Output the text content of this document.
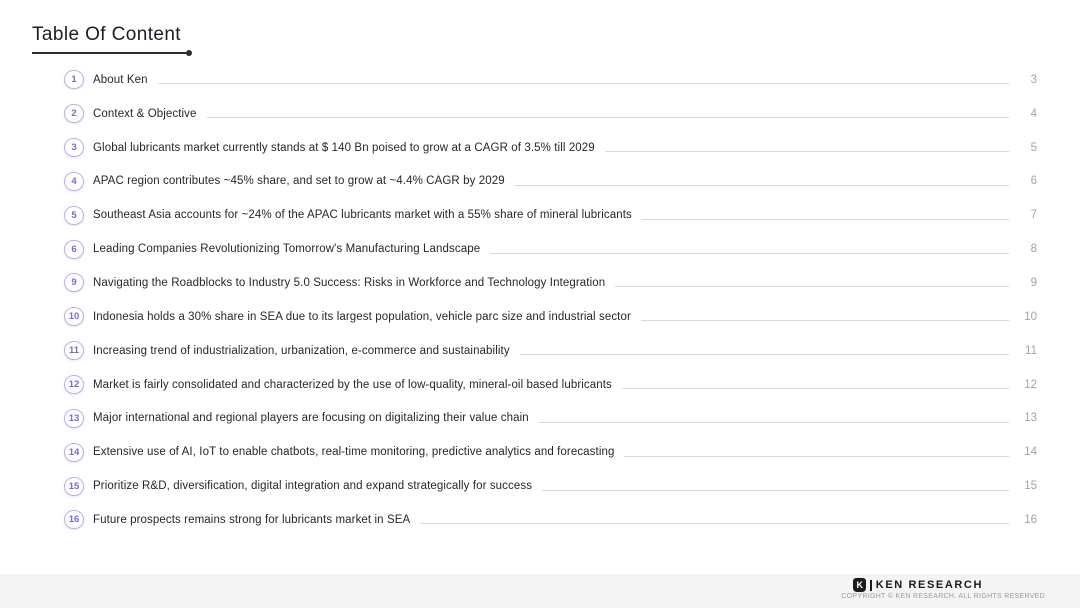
Table Of Content
1	About Ken	3
2	Context & Objective	4
3	Global lubricants market currently stands at $ 140 Bn poised to grow at a CAGR of 3.5% till 2029	5
4	APAC region contributes ~45% share, and set to grow at ~4.4% CAGR by 2029	6
5	Southeast Asia accounts for ~24% of the APAC lubricants market with a 55% share of mineral lubricants	7
6	Leading Companies Revolutionizing Tomorrow's Manufacturing Landscape	8
9	Navigating the Roadblocks to Industry 5.0 Success: Risks in Workforce and Technology Integration	9
10	Indonesia holds a 30% share in SEA due to its largest population, vehicle parc size and industrial sector	10
11	Increasing trend of industrialization, urbanization, e-commerce and sustainability	11
12	Market is fairly consolidated and characterized by the use of low-quality, mineral-oil based lubricants	12
13	Major international and regional players are focusing on digitalizing their value chain	13
14	Extensive use of AI, IoT to enable chatbots, real-time monitoring, predictive analytics and forecasting	14
15	Prioritize R&D, diversification, digital integration and expand strategically for success	15
16	Future prospects remains strong for lubricants market in SEA	16
K KEN RESEARCH
COPYRIGHT © KEN RESEARCH. ALL RIGHTS RESERVED
